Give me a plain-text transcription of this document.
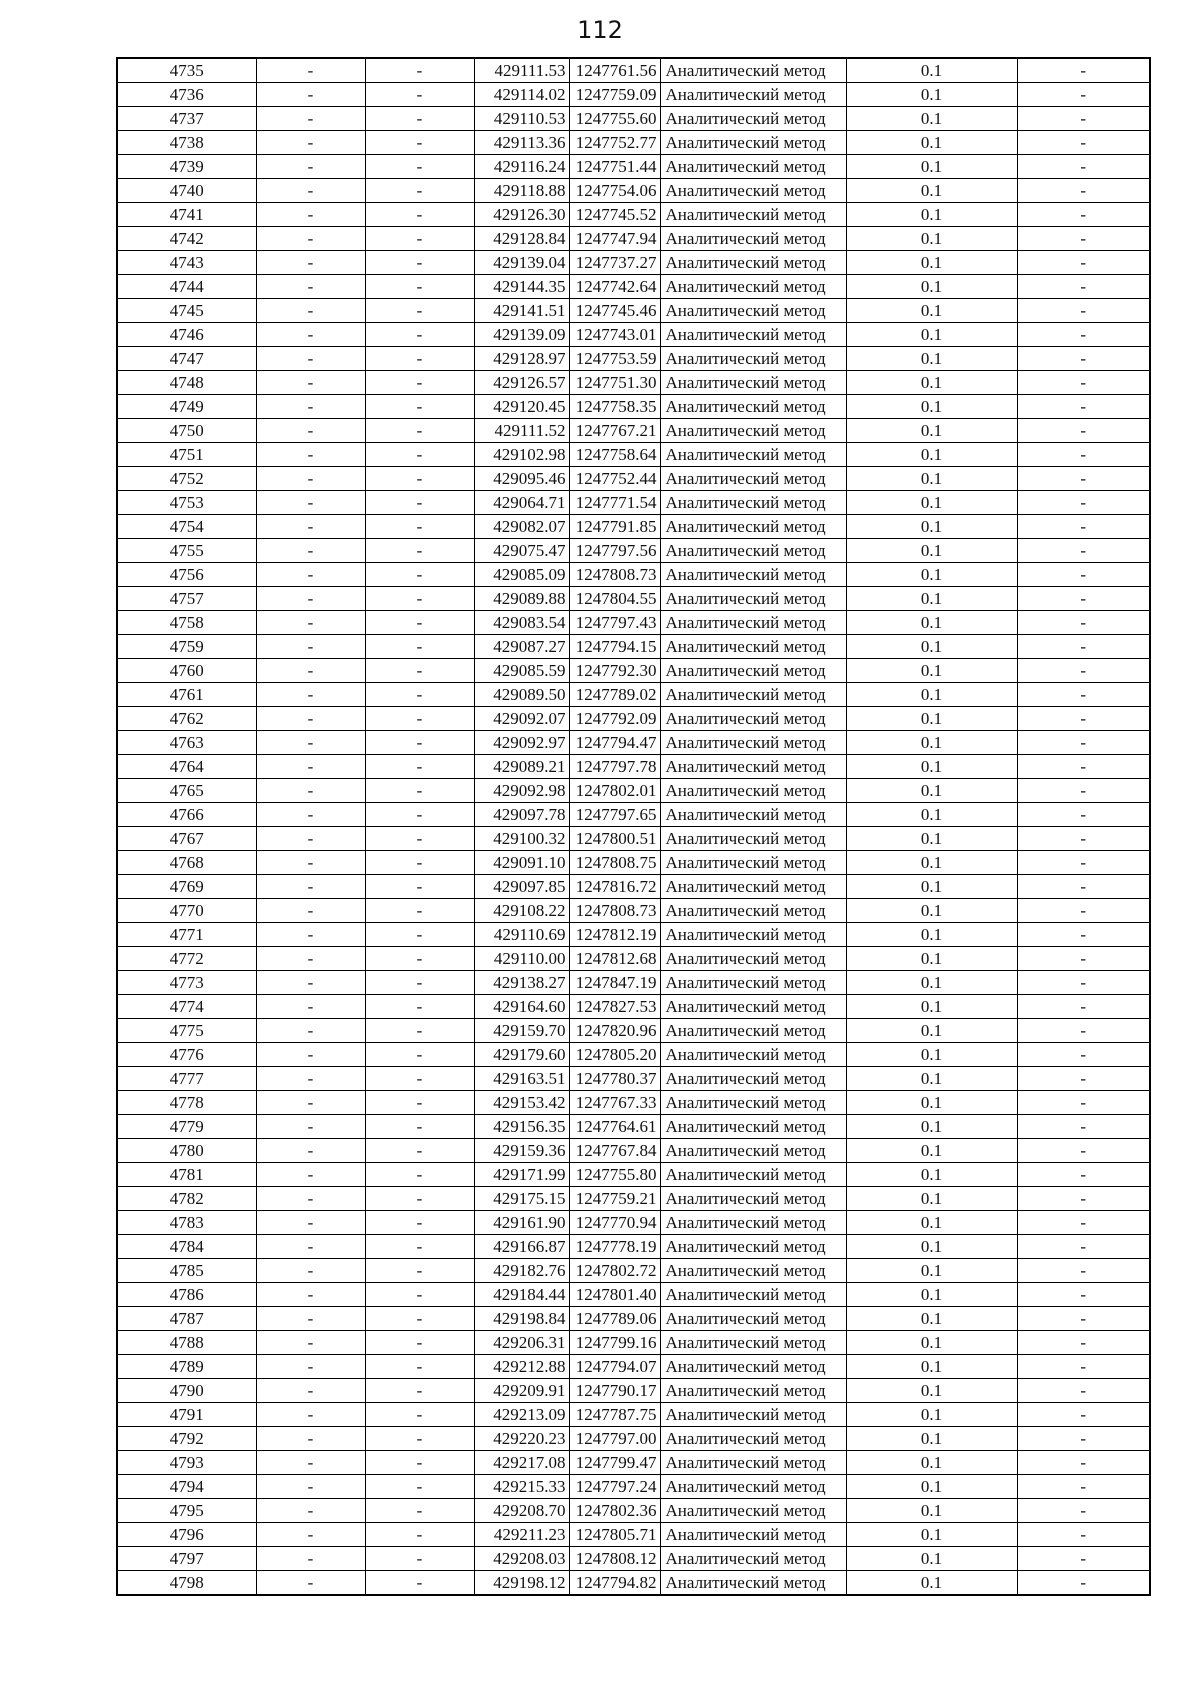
112
4735	-	-	429111.53	1247761.56	Аналитический метод	0.1	-
4736	-	-	429114.02	1247759.09	Аналитический метод	0.1	-
4737	-	-	429110.53	1247755.60	Аналитический метод	0.1	-
4738	-	-	429113.36	1247752.77	Аналитический метод	0.1	-
4739	-	-	429116.24	1247751.44	Аналитический метод	0.1	-
4740	-	-	429118.88	1247754.06	Аналитический метод	0.1	-
4741	-	-	429126.30	1247745.52	Аналитический метод	0.1	-
4742	-	-	429128.84	1247747.94	Аналитический метод	0.1	-
4743	-	-	429139.04	1247737.27	Аналитический метод	0.1	-
4744	-	-	429144.35	1247742.64	Аналитический метод	0.1	-
4745	-	-	429141.51	1247745.46	Аналитический метод	0.1	-
4746	-	-	429139.09	1247743.01	Аналитический метод	0.1	-
4747	-	-	429128.97	1247753.59	Аналитический метод	0.1	-
4748	-	-	429126.57	1247751.30	Аналитический метод	0.1	-
4749	-	-	429120.45	1247758.35	Аналитический метод	0.1	-
4750	-	-	429111.52	1247767.21	Аналитический метод	0.1	-
4751	-	-	429102.98	1247758.64	Аналитический метод	0.1	-
4752	-	-	429095.46	1247752.44	Аналитический метод	0.1	-
4753	-	-	429064.71	1247771.54	Аналитический метод	0.1	-
4754	-	-	429082.07	1247791.85	Аналитический метод	0.1	-
4755	-	-	429075.47	1247797.56	Аналитический метод	0.1	-
4756	-	-	429085.09	1247808.73	Аналитический метод	0.1	-
4757	-	-	429089.88	1247804.55	Аналитический метод	0.1	-
4758	-	-	429083.54	1247797.43	Аналитический метод	0.1	-
4759	-	-	429087.27	1247794.15	Аналитический метод	0.1	-
4760	-	-	429085.59	1247792.30	Аналитический метод	0.1	-
4761	-	-	429089.50	1247789.02	Аналитический метод	0.1	-
4762	-	-	429092.07	1247792.09	Аналитический метод	0.1	-
4763	-	-	429092.97	1247794.47	Аналитический метод	0.1	-
4764	-	-	429089.21	1247797.78	Аналитический метод	0.1	-
4765	-	-	429092.98	1247802.01	Аналитический метод	0.1	-
4766	-	-	429097.78	1247797.65	Аналитический метод	0.1	-
4767	-	-	429100.32	1247800.51	Аналитический метод	0.1	-
4768	-	-	429091.10	1247808.75	Аналитический метод	0.1	-
4769	-	-	429097.85	1247816.72	Аналитический метод	0.1	-
4770	-	-	429108.22	1247808.73	Аналитический метод	0.1	-
4771	-	-	429110.69	1247812.19	Аналитический метод	0.1	-
4772	-	-	429110.00	1247812.68	Аналитический метод	0.1	-
4773	-	-	429138.27	1247847.19	Аналитический метод	0.1	-
4774	-	-	429164.60	1247827.53	Аналитический метод	0.1	-
4775	-	-	429159.70	1247820.96	Аналитический метод	0.1	-
4776	-	-	429179.60	1247805.20	Аналитический метод	0.1	-
4777	-	-	429163.51	1247780.37	Аналитический метод	0.1	-
4778	-	-	429153.42	1247767.33	Аналитический метод	0.1	-
4779	-	-	429156.35	1247764.61	Аналитический метод	0.1	-
4780	-	-	429159.36	1247767.84	Аналитический метод	0.1	-
4781	-	-	429171.99	1247755.80	Аналитический метод	0.1	-
4782	-	-	429175.15	1247759.21	Аналитический метод	0.1	-
4783	-	-	429161.90	1247770.94	Аналитический метод	0.1	-
4784	-	-	429166.87	1247778.19	Аналитический метод	0.1	-
4785	-	-	429182.76	1247802.72	Аналитический метод	0.1	-
4786	-	-	429184.44	1247801.40	Аналитический метод	0.1	-
4787	-	-	429198.84	1247789.06	Аналитический метод	0.1	-
4788	-	-	429206.31	1247799.16	Аналитический метод	0.1	-
4789	-	-	429212.88	1247794.07	Аналитический метод	0.1	-
4790	-	-	429209.91	1247790.17	Аналитический метод	0.1	-
4791	-	-	429213.09	1247787.75	Аналитический метод	0.1	-
4792	-	-	429220.23	1247797.00	Аналитический метод	0.1	-
4793	-	-	429217.08	1247799.47	Аналитический метод	0.1	-
4794	-	-	429215.33	1247797.24	Аналитический метод	0.1	-
4795	-	-	429208.70	1247802.36	Аналитический метод	0.1	-
4796	-	-	429211.23	1247805.71	Аналитический метод	0.1	-
4797	-	-	429208.03	1247808.12	Аналитический метод	0.1	-
4798	-	-	429198.12	1247794.82	Аналитический метод	0.1	-
